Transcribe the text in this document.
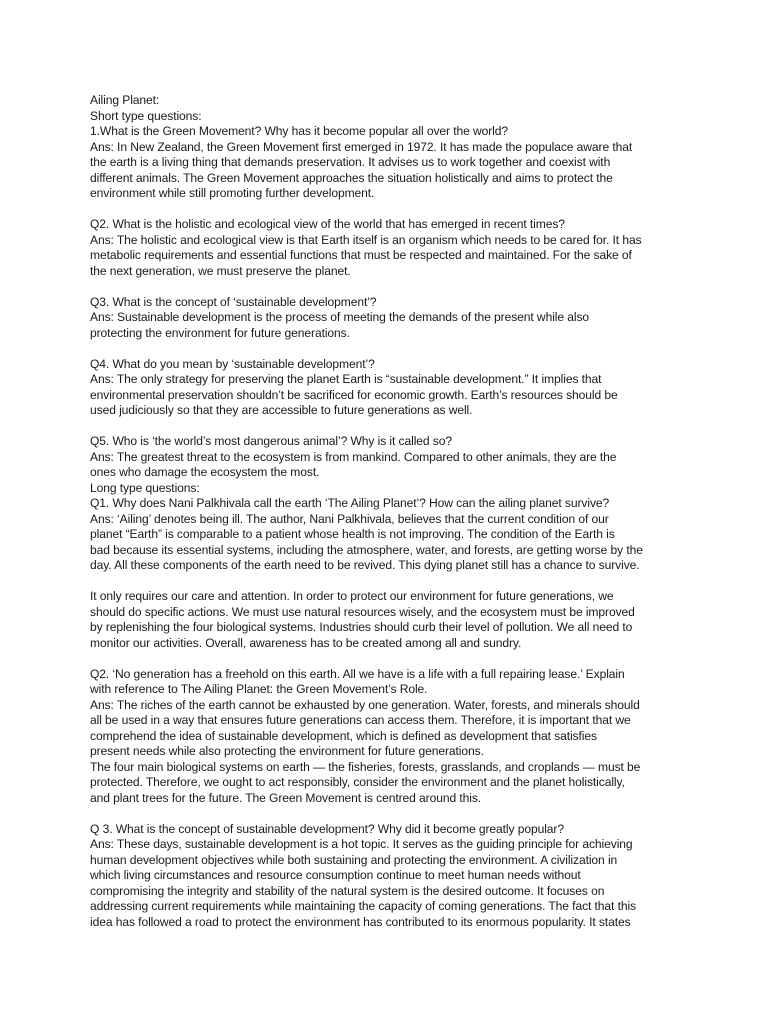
Ailing Planet:
Short type questions:
1.What is the Green Movement? Why has it become popular all over the world?
Ans: In New Zealand, the Green Movement first emerged in 1972. It has made the populace aware that
the earth is a living thing that demands preservation. It advises us to work together and coexist with
different animals. The Green Movement approaches the situation holistically and aims to protect the
environment while still promoting further development.
Q2. What is the holistic and ecological view of the world that has emerged in recent times?
Ans: The holistic and ecological view is that Earth itself is an organism which needs to be cared for. It has
metabolic requirements and essential functions that must be respected and maintained. For the sake of
the next generation, we must preserve the planet.
Q3. What is the concept of ‘sustainable development’?
Ans: Sustainable development is the process of meeting the demands of the present while also
protecting the environment for future generations.
Q4. What do you mean by ‘sustainable development’?
Ans: The only strategy for preserving the planet Earth is “sustainable development.” It implies that
environmental preservation shouldn’t be sacrificed for economic growth. Earth’s resources should be
used judiciously so that they are accessible to future generations as well.
Q5. Who is ‘the world’s most dangerous animal’? Why is it called so?
Ans: The greatest threat to the ecosystem is from mankind. Compared to other animals, they are the
ones who damage the ecosystem the most.
Long type questions:
Q1. Why does Nani Palkhivala call the earth ‘The Ailing Planet’? How can the ailing planet survive?
Ans: ‘Ailing’ denotes being ill. The author, Nani Palkhivala, believes that the current condition of our
planet “Earth” is comparable to a patient whose health is not improving. The condition of the Earth is
bad because its essential systems, including the atmosphere, water, and forests, are getting worse by the
day. All these components of the earth need to be revived. This dying planet still has a chance to survive.
It only requires our care and attention. In order to protect our environment for future generations, we
should do specific actions. We must use natural resources wisely, and the ecosystem must be improved
by replenishing the four biological systems. Industries should curb their level of pollution. We all need to
monitor our activities. Overall, awareness has to be created among all and sundry.
Q2. ‘No generation has a freehold on this earth. All we have is a life with a full repairing lease.’ Explain
with reference to The Ailing Planet: the Green Movement’s Role.
Ans: The riches of the earth cannot be exhausted by one generation. Water, forests, and minerals should
all be used in a way that ensures future generations can access them. Therefore, it is important that we
comprehend the idea of sustainable development, which is defined as development that satisfies
present needs while also protecting the environment for future generations.
The four main biological systems on earth — the fisheries, forests, grasslands, and croplands — must be
protected. Therefore, we ought to act responsibly, consider the environment and the planet holistically,
and plant trees for the future. The Green Movement is centred around this.
Q 3. What is the concept of sustainable development? Why did it become greatly popular?
Ans: These days, sustainable development is a hot topic. It serves as the guiding principle for achieving
human development objectives while both sustaining and protecting the environment. A civilization in
which living circumstances and resource consumption continue to meet human needs without
compromising the integrity and stability of the natural system is the desired outcome. It focuses on
addressing current requirements while maintaining the capacity of coming generations. The fact that this
idea has followed a road to protect the environment has contributed to its enormous popularity. It states
